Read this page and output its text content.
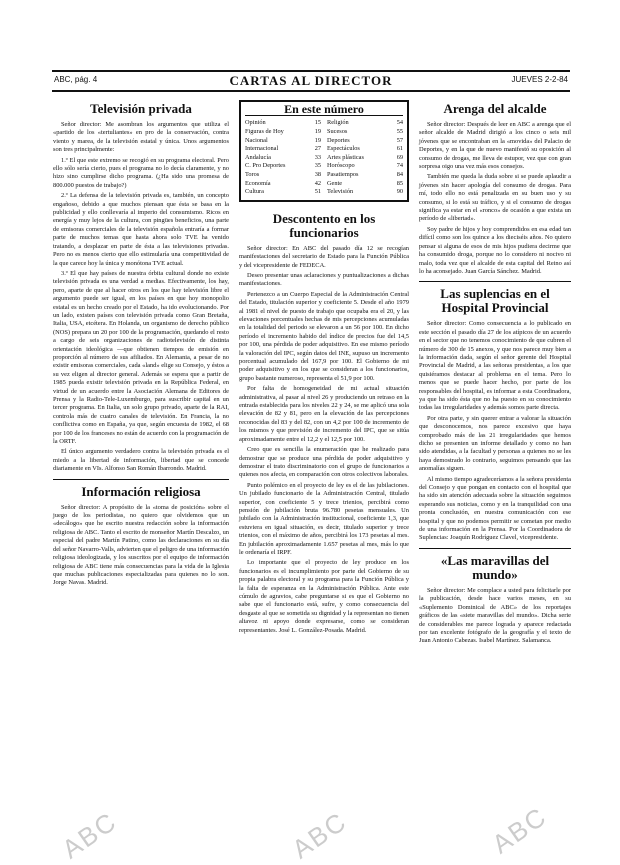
ABC, pág. 4	CARTAS AL DIRECTOR	JUEVES 2-2-84
Televisión privada

Señor director: Me asombran los argumentos que utiliza el «partido de los «tertuliantes» en pro de la conservación, contra viento y marea, de la televisión estatal y única. Unos argumentos son tres principalmente:

1.º El que este extremo se recogió en su programa electoral. Pero ello sólo sería cierto, pues el programa no lo decía claramente, y no hizo sino cumplirse dicho programa. (¿Ha sido una promesa de 800.000 puestos de trabajo?)

2.º La defensa de la televisión privada es, también, un concepto engañoso, debido a que muchos piensan que ésta se basa en la publicidad y ello conllevaría al imperio del consumismo. Ricos en energía y muy lejos de la cultura, con pingües beneficios, una parte de emisoras comerciales de la televisión española entraría a formar parte de muchos temas que hasta ahora solo TVE ha venido tratando, a desplazar en parte de ésta a las televisiones privadas. Pero no es menos cierto que ello estimularía una competitividad de la que carece hoy la única y monótona TVE actual.

3.º El que hay países de nuestra órbita cultural donde no existe televisión privada es una verdad a medias. Efectivamente, los hay, pero, aparte de que al hacer otros en los que hay televisión libre el argumento puede ser igual, en los países en que hoy monopolio estatal es un hecho creado por el Estado, ha ido evolucionando. Por un lado, existen países con televisión privada como Gran Bretaña, Italia, USA, etcétera. En Holanda, un organismo de derecho público (NOS) prepara un 20 por 100 de la programación, quedando el resto a cargo de seis organizaciones de radiotelevisión de distinta orientación ideológica —que obtienen tiempos de emisión en proporción al número de sus afiliados. En Alemania, a pesar de no existir emisoras comerciales, cada «land» elige su Consejo, y éstos a su vez eligen al director general. Además se espera que a partir de 1985 pueda existir televisión privada en la República Federal, en virtud de un acuerdo entre la Asociación Alemana de Editores de Prensa y la Radio-Tele-Luxemburgo, para suscribir capital en un tercer programa. En Italia, un solo grupo privado, aparte de la RAI, controla más de cuatro canales de televisión. En Francia, la no conflictiva como en España, ya que, según encuesta de 1982, el 68 por 100 de los franceses no están de acuerdo con la programación de la ORTF.

El único argumento verdadero contra la televisión privada es el miedo a la libertad de información, libertad que se concede diariamente en VIs. Alfonso San Román Ibarrondo. Madrid.

Información religiosa

Señor director: A propósito de la «toma de posición» sobre el juego de los periodistas, no quiero que olvidemos que un «decálogo» que he escrito nuestra redacción sobre la información religiosa de ABC. Tanto el escrito de monseñor Martín Descalzo, un especial del padre Martín Patino, como las declaraciones en su día del señor Navarro-Valls, advierten que el peligro de una información religiosa ideologizada, y los suscritos por el equipo de información religiosa de ABC tiene más consecuencias para la vida de la Iglesia que muchas publicaciones especializadas para quienes no lo son. Jorge Navas. Madrid.

En este número
Opinión	15
Figuras de Hoy	19
Nacional	19
Internacional	27
Andalucía	33
C. Pro Deportes	35
Toros	38
Economía	42
Cultura	51
Religión	54
Sucesos	55
Deportes	57
Espectáculos	61
Artes plásticas	69
Horóscopo	74
Pasatiempos	84
Gente	85
Televisión	90
Descontento en los funcionarios

Señor director: En ABC del pasado día 12 se recogían manifestaciones del secretario de Estado para la Función Pública y del vicepresidente de FEDECA.

Deseo presentar unas aclaraciones y puntualizaciones a dichas manifestaciones.

Pertenezco a un Cuerpo Especial de la Administración Central del Estado, titulación superior y coeficiente 5. Desde el año 1979 al 1981 el nivel de puesto de trabajo que ocupaba era el 20, y las elevaciones porcentuales hechas de mis percepciones acumuladas en la totalidad del periodo se elevaron a un 56 por 100. En dicho período el incremento habido del índice de precios fue del 14,5 por 100, una pérdida de poder adquisitivo. En ese mismo período la valoración del IPC, según datos del INE, supuso un incremento porcentual acumulado del 167,9 por 100. El Gobierno de mi poder adquisitivo y en los que se consideran a los funcionarios, grupo bastante numeroso, representa el 51,9 por 100.

Por falta de homogeneidad de mi actual situación administrativa, al pasar al nivel 26 y produciendo un retraso en la entrada establecida para los niveles 22 y 24, se me aplicó una sola elevación de 82 y 81, pero en la elevación de las percepciones reconocidas del 83 y del 82, con un 4,2 por 100 de incremento de los mismos y que previsión de incremento del IPC, que se sitúa aproximadamente entre el 12,2 y el 12,5 por 100.

Creo que es sencilla la enumeración que he realizado para demostrar que se produce una pérdida de poder adquisitivo y demostrar el trato discriminatorio con el grupo de funcionarios a quienes nos afecta, en comparación con otros colectivos laborales.

Punto polémico en el proyecto de ley es el de las jubilaciones. Un jubilado funcionario de la Administración Central, titulado superior, con coeficiente 5 y trece trienios, percibirá como pensión de jubilación bruta 96.780 pesetas mensuales. Un jubilado con la Administración institucional, coeficiente 1,3, que estuviera en igual situación, es decir, titulado superior y trece trienios, con el máximo de años, percibirá los 173 pesetas al mes. En jubilación aproximadamente 1.657 pesetas al mes, más lo que le ordenaría el IRPF.

Lo importante que el proyecto de ley produce en los funcionarios es el incumplimiento por parte del Gobierno de su propia palabra electoral y su programa para la Función Pública y la falta de esperanza en la Administración Pública. Ante este cúmulo de agravios, cabe preguntarse si es que el Gobierno no sabe que el funcionario está, sufre, y como consecuencia del desgaste al que se sometida su dignidad y la representan no tienen altavoz ni apoyo donde expresarse, como se consideran representantes. José L. González-Posada. Madrid.

Arenga del alcalde

Señor director: Después de leer en ABC a arenga que el señor alcalde de Madrid dirigió a los cinco o seis mil jóvenes que se encontraban en la «movida» del Palacio de Deportes, y en la que de nuevo manifestó su oposición al consumo de drogas, me lleva de estupor, vez que con gran sorpresa oigo una vez más esos consejos.

También me queda la duda sobre si se puede aplaudir a jóvenes sin hacer apología del consumo de drogas. Para mí, todo ello no está penalizada en su buen uso y su consumo, si lo está su tráfico, y si el consumo de drogas significa ya estar en el «ronco» de ocasión a que exista un período de «libertad».

Soy padre de hijos y hoy comprendidos en esa edad tan difícil como son los quince a los dieciséis años. No quiero pensar si alguna de esos de mis hijos pudiera decirme que ha consumido droga, porque no lo considero ni nocivo ni malo, toda vez que el alcalde de esta capital del Reino así lo ha aconsejado. Juan García Sánchez. Madrid.

Las suplencias en el Hospital Provincial

Señor director: Como consecuencia a lo publicado en este sección el pasado día 27 de los atípicos de un acuerdo en el sector que no tenemos conocimiento de que cubren el número de 300 de 15 anexos, y que nos parece muy bien a la información dada, según el señor gerente del Hospital Provincial de Madrid, a las señoras presidentas, a los que quisiéramos destacar al problema en el tema. Pero lo menos que se puede hacer hecho, por parte de los responsables del hospital, es informar a esta Coordinadora, ya que ha sido ésta que no ha puesto en su conocimiento todas las irregularidades y además somos parte directa.

Por otra parte, y sin querer entrar a valorar la situación que desconocemos, nos parece excesivo que haya comprobado más de las 21 irregularidades que hemos dicho se presenten un informe detallado y como no han sido atendidas, a la facultad y personas a quienes no se les haya demostrado lo contrario, seguimos pensando que las anomalías siguen.

Al mismo tiempo agradeceríamos a la señora presidenta del Consejo y que pongan en contacto con el hospital que ha sido sin atención adecuada sobre la situación seguimos esperando sus noticias, como y en la tranquilidad con una pronta conclusión, en nuestra comunicación con ese hospital y que no podemos permitir se cometan por medio de una información en la Prensa. Por la Coordinadora de Suplencias: Joaquín Rodríguez Clavel, vicepresidente.

«Las maravillas del mundo»

Señor director: Me complace a usted para felicitarle por la publicación, desde hace varios meses, en su «Suplemento Dominical de ABC» de los reportajes gráficos de las «siete maravillas del mundo». Dicha serie de considerables me parece lograda y aparece redactada por tan excelente fotógrafo de la geografía y el texto de Juan Antonio Cabezas. Isabel Martínez. Salamanca.

ABC	ABC	ABC
